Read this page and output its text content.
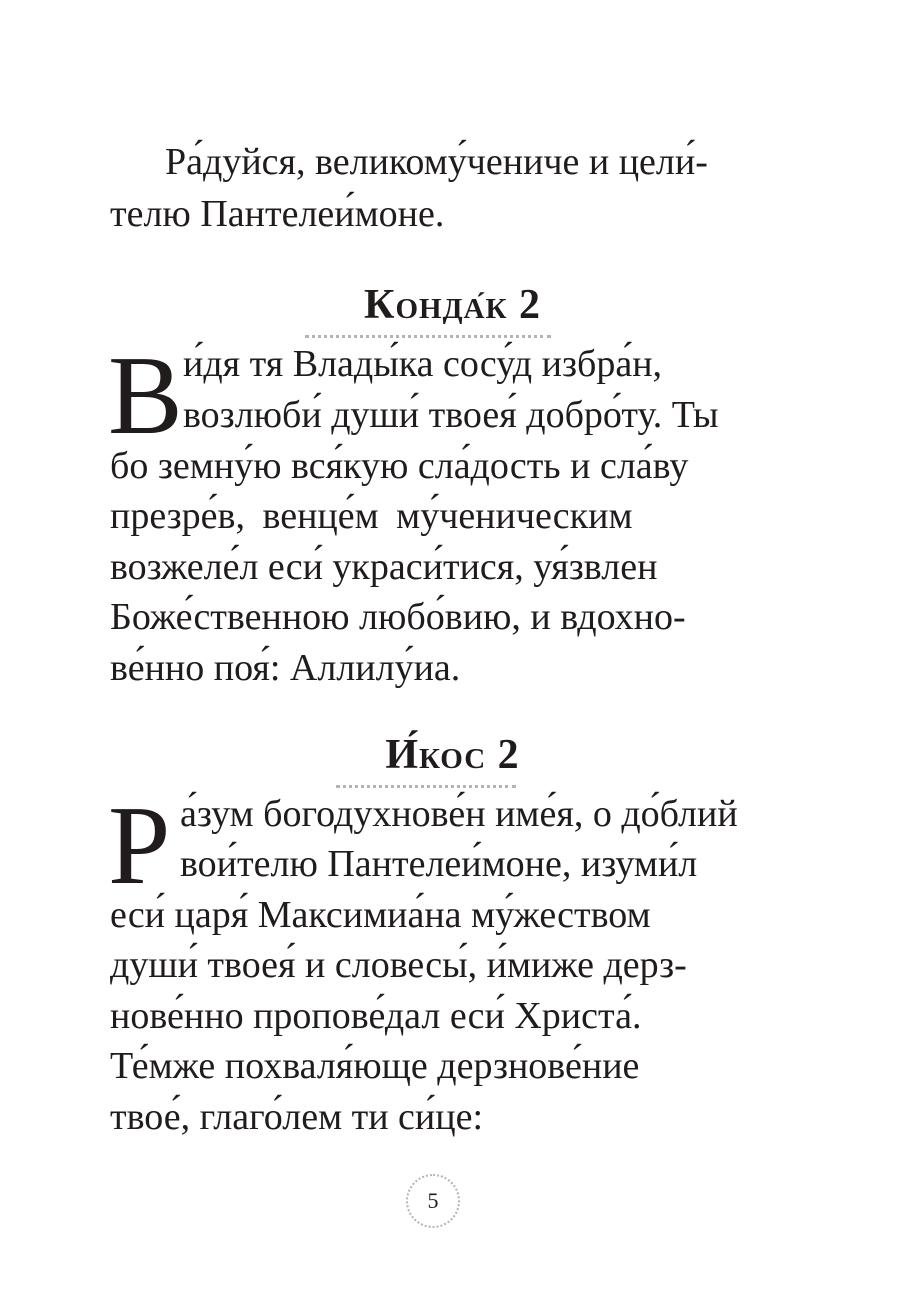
Ра́дуйся, великому́чениче и цели́-

телю Пантелеи́моне.

Конда́к 2
В и́дя тя Влады́ка сосу́д избра́н,

возлюби́ души́ твоея́ добро́ту. Ты

бо земну́ю вся́кую сла́дость и сла́ву

презре́в, венце́м му́ченическим

возжеле́л еси́ украси́тися, уя́звлен

Боже́ственною любо́вию, и вдохно-

ве́нно поя́: Аллилу́иа.

И́кос 2
Р а́зум богодухнове́н име́я, о до́блий

вои́телю Пантелеи́моне, изуми́л

еси́ царя́ Максимиа́на му́жеством

души́ твоея́ и словесы́, и́миже дерз-

нове́нно пропове́дал еси́ Христа́.

Те́мже похваля́юще дерзнове́ние

твое́, глаго́лем ти си́це:

5
